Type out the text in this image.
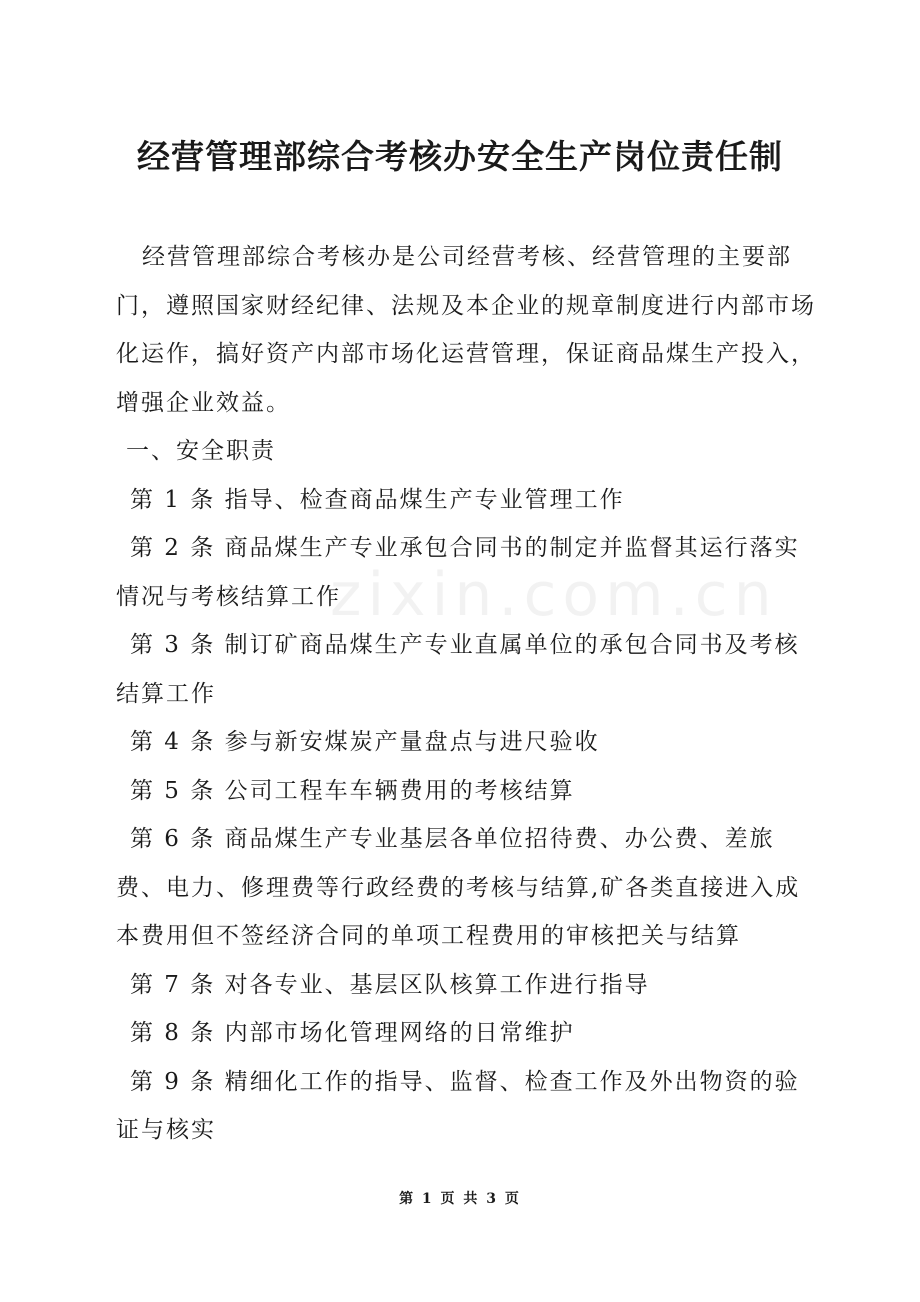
经营管理部综合考核办安全生产岗位责任制
zixin.com.cn

经营管理部综合考核办是公司经营考核、经营管理的主要部门，遵照国家财经纪律、法规及本企业的规章制度进行内部市场化运作，搞好资产内部市场化运营管理，保证商品煤生产投入，增强企业效益。

一、安全职责

第 1 条 指导、检查商品煤生产专业管理工作

第 2 条 商品煤生产专业承包合同书的制定并监督其运行落实情况与考核结算工作

第 3 条 制订矿商品煤生产专业直属单位的承包合同书及考核结算工作

第 4 条 参与新安煤炭产量盘点与进尺验收

第 5 条 公司工程车车辆费用的考核结算

第 6 条 商品煤生产专业基层各单位招待费、办公费、差旅费、电力、修理费等行政经费的考核与结算,矿各类直接进入成本费用但不签经济合同的单项工程费用的审核把关与结算

第 7 条 对各专业、基层区队核算工作进行指导

第 8 条 内部市场化管理网络的日常维护

第 9 条 精细化工作的指导、监督、检查工作及外出物资的验证与核实

第 1 页 共 3 页
